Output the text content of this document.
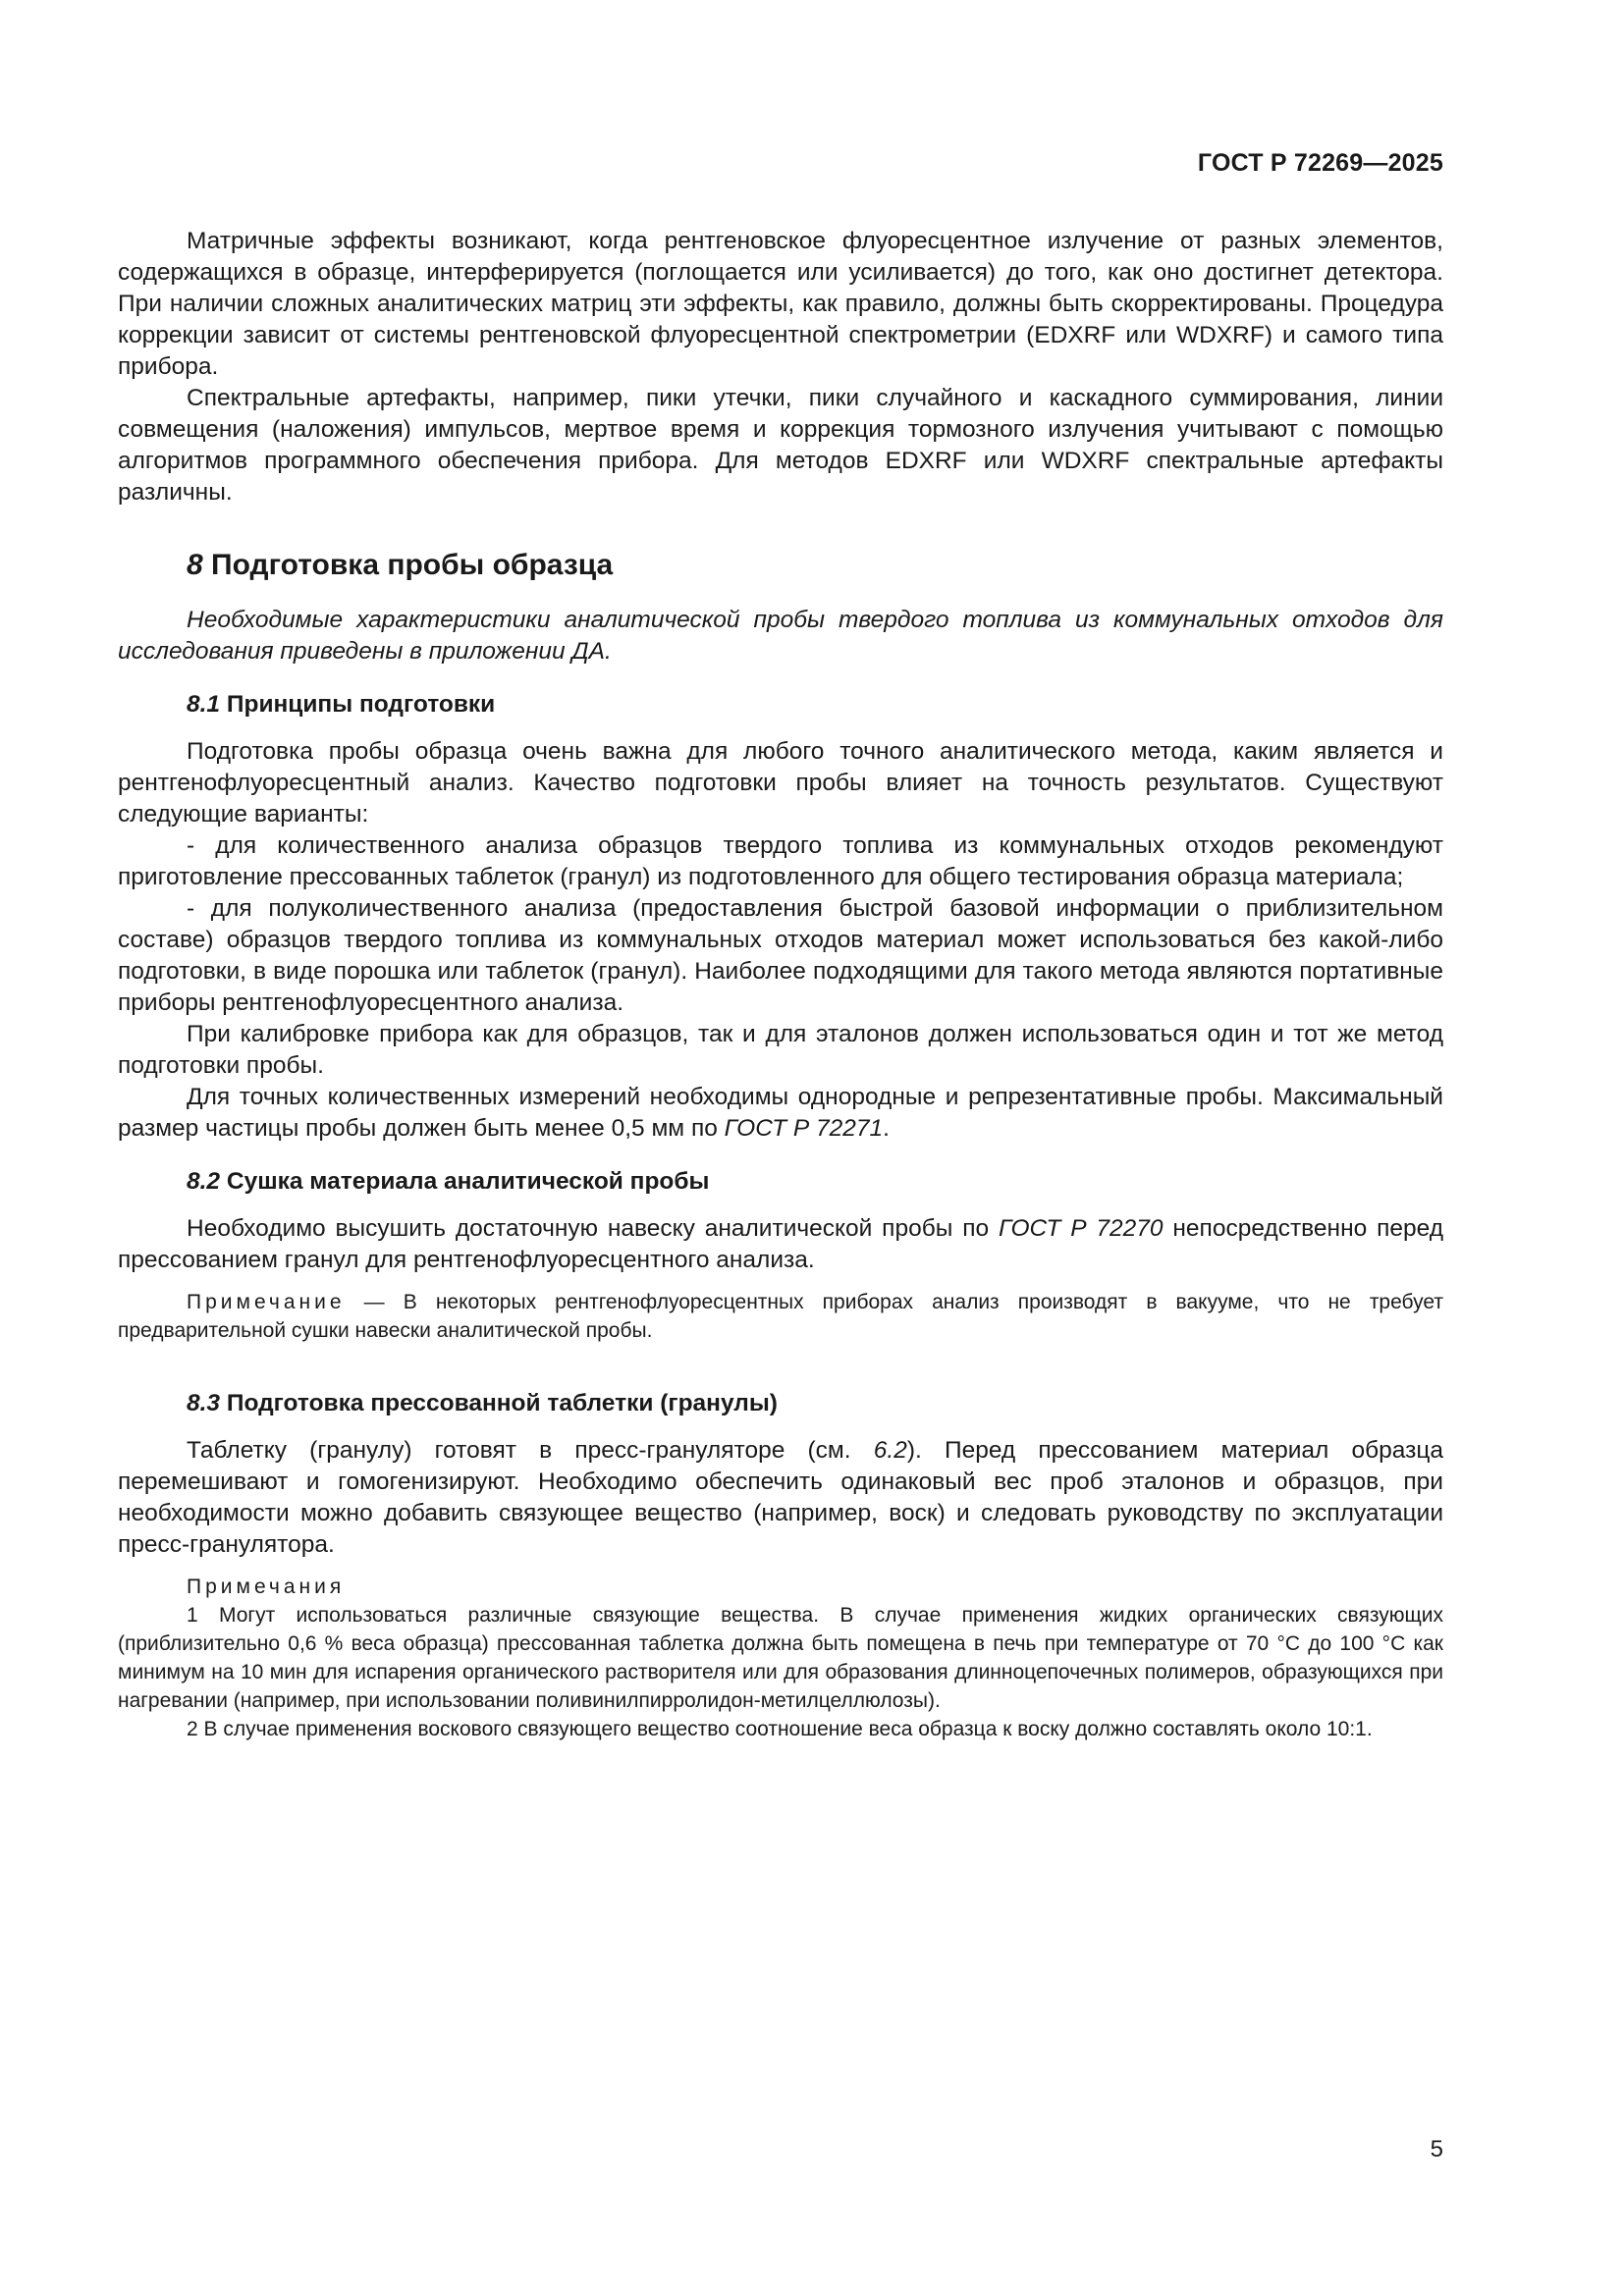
ГОСТ Р 72269—2025

Матричные эффекты возникают, когда рентгеновское флуоресцентное излучение от разных элементов, содержащихся в образце, интерферируется (поглощается или усиливается) до того, как оно достигнет детектора. При наличии сложных аналитических матриц эти эффекты, как правило, должны быть скорректированы. Процедура коррекции зависит от системы рентгеновской флуоресцентной спектрометрии (EDXRF или WDXRF) и самого типа прибора.

Спектральные артефакты, например, пики утечки, пики случайного и каскадного суммирования, линии совмещения (наложения) импульсов, мертвое время и коррекция тормозного излучения учитывают с помощью алгоритмов программного обеспечения прибора. Для методов EDXRF или WDXRF спектральные артефакты различны.

8 Подготовка пробы образца

Необходимые характеристики аналитической пробы твердого топлива из коммунальных отходов для исследования приведены в приложении ДА.

8.1 Принципы подготовки

Подготовка пробы образца очень важна для любого точного аналитического метода, каким является и рентгенофлуоресцентный анализ. Качество подготовки пробы влияет на точность результатов. Существуют следующие варианты:

- для количественного анализа образцов твердого топлива из коммунальных отходов рекомендуют приготовление прессованных таблеток (гранул) из подготовленного для общего тестирования образца материала;

- для полуколичественного анализа (предоставления быстрой базовой информации о приблизительном составе) образцов твердого топлива из коммунальных отходов материал может использоваться без какой-либо подготовки, в виде порошка или таблеток (гранул). Наиболее подходящими для такого метода являются портативные приборы рентгенофлуоресцентного анализа.

При калибровке прибора как для образцов, так и для эталонов должен использоваться один и тот же метод подготовки пробы.

Для точных количественных измерений необходимы однородные и репрезентативные пробы. Максимальный размер частицы пробы должен быть менее 0,5 мм по ГОСТ Р 72271.

8.2 Сушка материала аналитической пробы

Необходимо высушить достаточную навеску аналитической пробы по ГОСТ Р 72270 непосредственно перед прессованием гранул для рентгенофлуоресцентного анализа.

Примечание — В некоторых рентгенофлуоресцентных приборах анализ производят в вакууме, что не требует предварительной сушки навески аналитической пробы.

8.3 Подготовка прессованной таблетки (гранулы)

Таблетку (гранулу) готовят в пресс-грануляторе (см. 6.2). Перед прессованием материал образца перемешивают и гомогенизируют. Необходимо обеспечить одинаковый вес проб эталонов и образцов, при необходимости можно добавить связующее вещество (например, воск) и следовать руководству по эксплуатации пресс-гранулятора.

Примечания

1 Могут использоваться различные связующие вещества. В случае применения жидких органических связующих (приблизительно 0,6 % веса образца) прессованная таблетка должна быть помещена в печь при температуре от 70 °С до 100 °С как минимум на 10 мин для испарения органического растворителя или для образования длинноцепочечных полимеров, образующихся при нагревании (например, при использовании поливинилпирролидон-метилцеллюлозы).

2 В случае применения воскового связующего вещество соотношение веса образца к воску должно составлять около 10:1.

5
